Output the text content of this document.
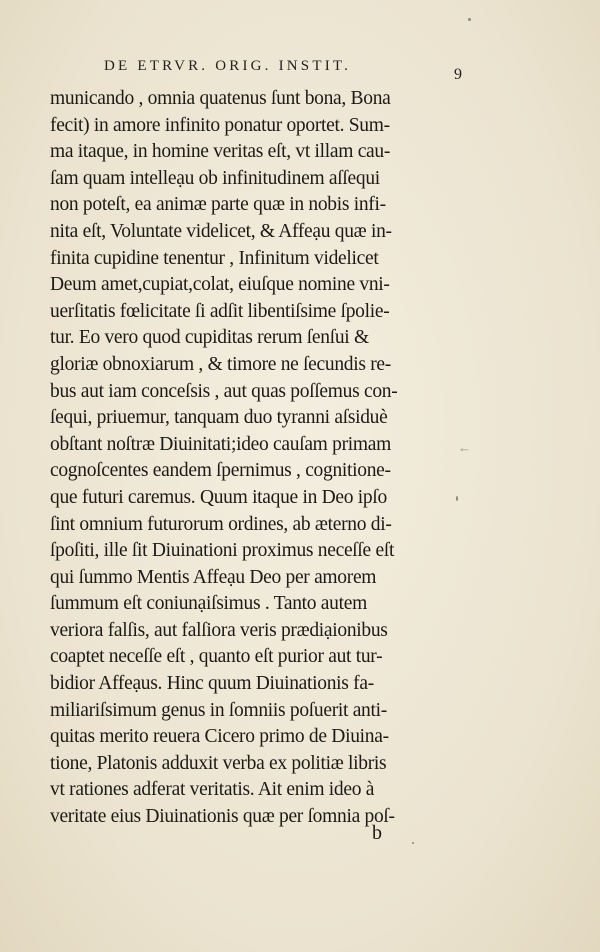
DE ETRVR. ORIG. INSTIT.	9
municando , omnia quatenus ſunt bona, Bona
fecit) in amore infinito ponatur oportet. Sum-
ma itaque, in homine veritas eſt, vt illam cau-
ſam quam intelleạu ob infinitudinem aſſequi
non poteſt, ea animæ parte quæ in nobis infi-
nita eſt, Voluntate videlicet, & Affeạu quæ in-
finita cupidine tenentur , Infinitum videlicet
Deum amet,cupiat,colat, eiuſque nomine vni-
uerſitatis fœlicitate ſi adſit libentiſsime ſpolie-
tur. Eo vero quod cupiditas rerum ſenſui &
gloriæ obnoxiarum , & timore ne ſecundis re-
bus aut iam conceſsis , aut quas poſſemus con-
ſequi, priuemur, tanquam duo tyranni aſsiduè
obſtant noſtræ Diuinitati;ideo cauſam primam
cognoſcentes eandem ſpernimus , cognitione-
que futuri caremus. Quum itaque in Deo ipſo
ſint omnium futurorum ordines, ab æterno di-
ſpoſiti, ille ſit Diuinationi proximus neceſſe eſt
qui ſummo Mentis Affeạu Deo per amorem
ſummum eſt coniunạiſsimus . Tanto autem
veriora falſis, aut falſiora veris prædiạionibus
coaptet neceſſe eſt , quanto eſt purior aut tur-
bidior Affeạus. Hinc quum Diuinationis fa-
miliariſsimum genus in ſomniis poſuerit anti-
quitas merito reuera Cicero primo de Diuina-
tione, Platonis adduxit verba ex politiæ libris
vt rationes adferat veritatis. Ait enim ideo à
veritate eius Diuinationis quæ per ſomnia poſ-
b
←
